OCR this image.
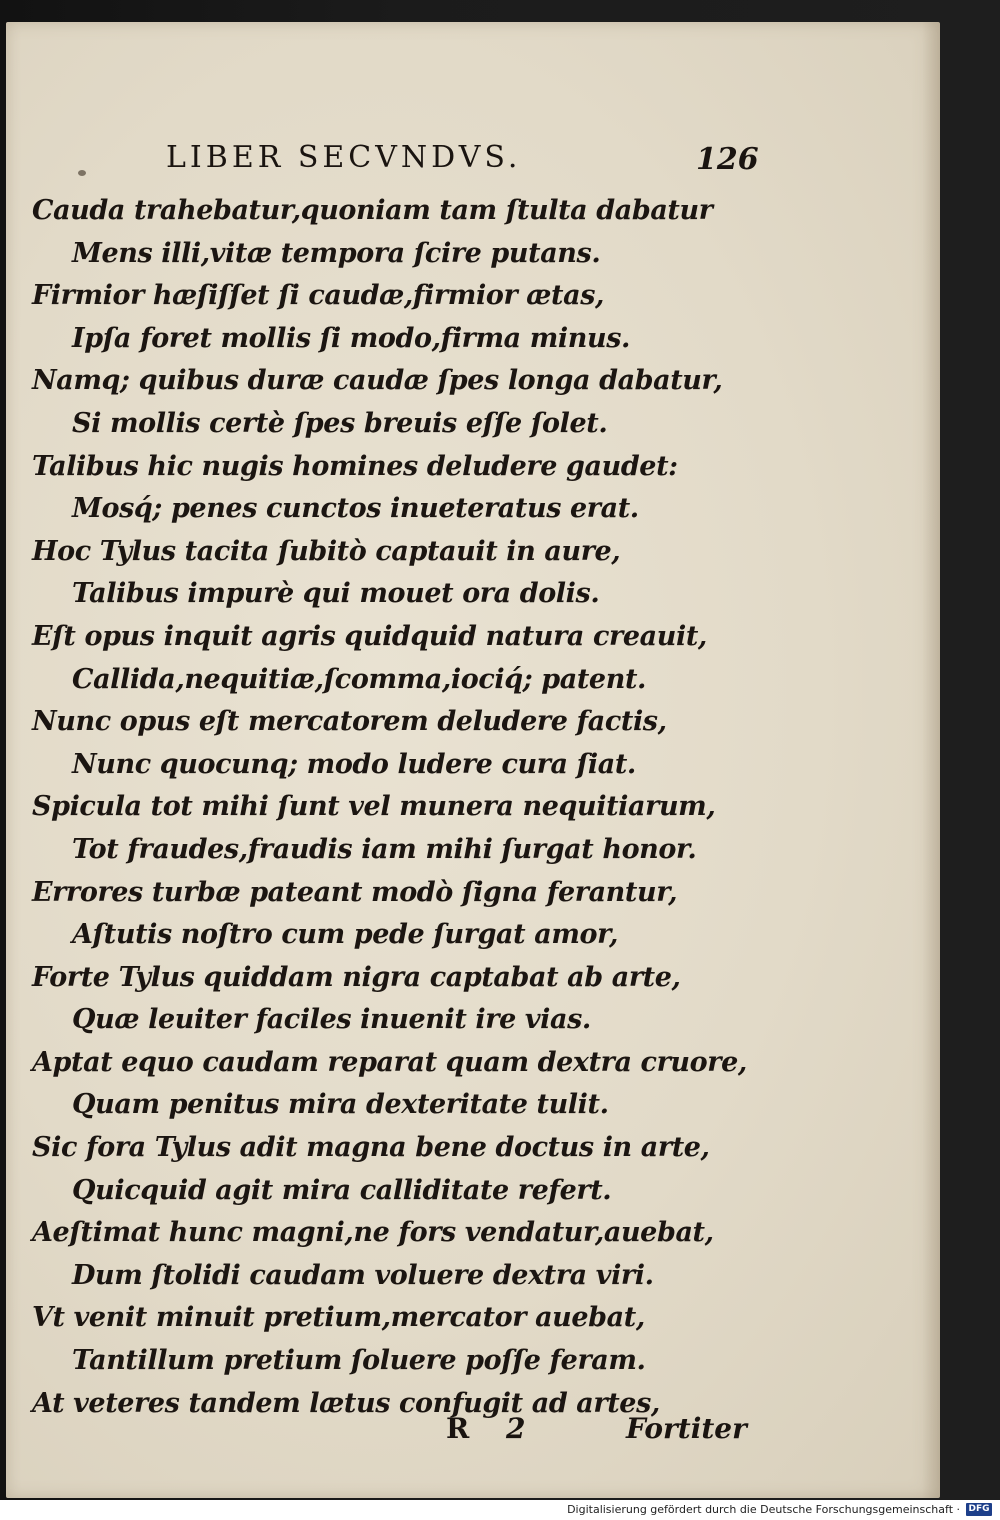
LIBER SECVNDVS.	126
Cauda trahebatur,quoniam tam ſtulta dabatur
Mens illi,vitæ tempora ſcire putans.
Firmior hæſiſſet ſi caudæ,firmior ætas,
Ipſa foret mollis ſi modo,firma minus.
Namq; quibus duræ caudæ ſpes longa dabatur,
Si mollis certè ſpes breuis eſſe ſolet.
Talibus hic nugis homines deludere gaudet:
Mosq́; penes cunctos inueteratus erat.
Hoc Tylus tacita ſubitò captauit in aure,
Talibus impurè qui mouet ora dolis.
Eſt opus inquit agris quidquid natura creauit,
Callida,nequitiæ,ſcomma,iociq́; patent.
Nunc opus eſt mercatorem deludere factis,
Nunc quocunq; modo ludere cura ſiat.
Spicula tot mihi ſunt vel munera nequitiarum,
Tot fraudes,fraudis iam mihi ſurgat honor.
Errores turbæ pateant modò ſigna ferantur,
Aſtutis noſtro cum pede ſurgat amor,
Forte Tylus quiddam nigra captabat ab arte,
Quæ leuiter faciles inuenit ire vias.
Aptat equo caudam reparat quam dextra cruore,
Quam penitus mira dexteritate tulit.
Sic fora Tylus adit magna bene doctus in arte,
Quicquid agit mira calliditate refert.
Aeſtimat hunc magni,ne fors vendatur,auebat,
Dum ſtolidi caudam voluere dextra viri.
Vt venit minuit pretium,mercator auebat,
Tantillum pretium ſoluere poſſe feram.
At veteres tandem lætus confugit ad artes,
R 2	Fortiter
Digitalisierung gefördert durch die Deutsche Forschungsgemeinschaft · DFG
